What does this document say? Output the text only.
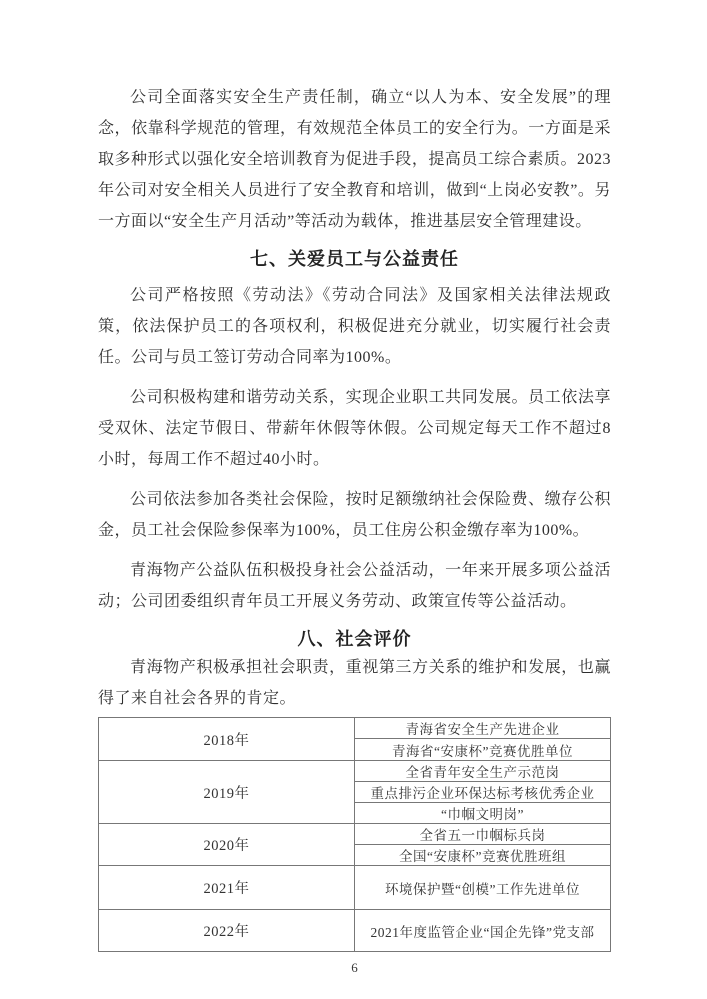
公司全面落实安全生产责任制，确立“以人为本、安全发展”的理念，依靠科学规范的管理，有效规范全体员工的安全行为。一方面是采取多种形式以强化安全培训教育为促进手段，提高员工综合素质。2023年公司对安全相关人员进行了安全教育和培训，做到“上岗必安教”。另一方面以“安全生产月活动”等活动为载体，推进基层安全管理建设。

七、关爱员工与公益责任

公司严格按照《劳动法》《劳动合同法》及国家相关法律法规政策，依法保护员工的各项权利，积极促进充分就业，切实履行社会责任。公司与员工签订劳动合同率为100%。

公司积极构建和谐劳动关系，实现企业职工共同发展。员工依法享受双休、法定节假日、带薪年休假等休假。公司规定每天工作不超过8小时，每周工作不超过40小时。

公司依法参加各类社会保险，按时足额缴纳社会保险费、缴存公积金，员工社会保险参保率为100%，员工住房公积金缴存率为100%。

青海物产公益队伍积极投身社会公益活动，一年来开展多项公益活动；公司团委组织青年员工开展义务劳动、政策宣传等公益活动。

八、社会评价

青海物产积极承担社会职责，重视第三方关系的维护和发展，也赢得了来自社会各界的肯定。

2018年	青海省安全生产先进企业
	青海省“安康杯”竞赛优胜单位
2019年	全省青年安全生产示范岗
	重点排污企业环保达标考核优秀企业
	“巾帼文明岗”
2020年	全省五一巾帼标兵岗
	全国“安康杯”竞赛优胜班组
2021年	环境保护暨“创模”工作先进单位
2022年	2021年度监管企业“国企先锋”党支部
6
